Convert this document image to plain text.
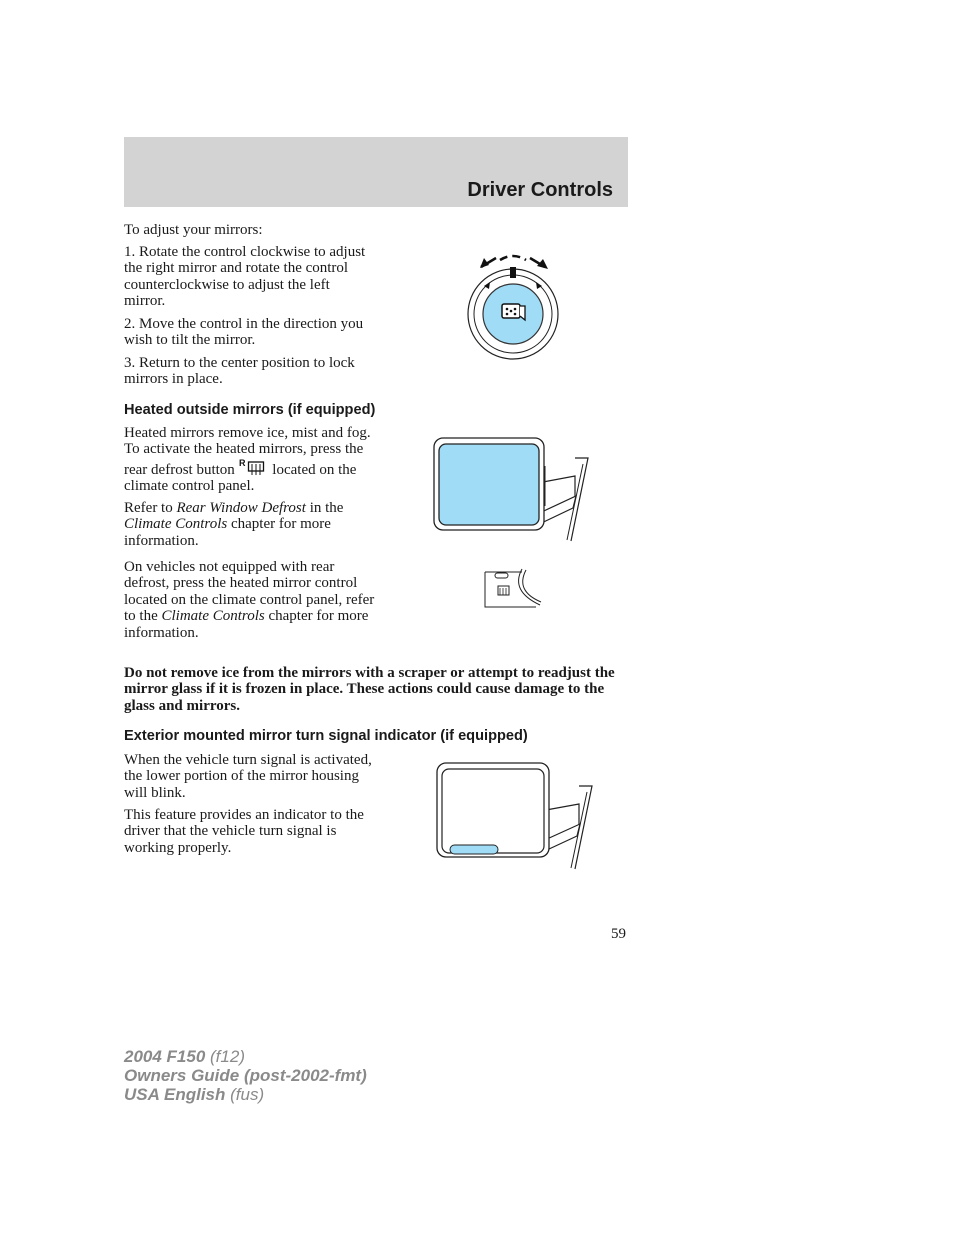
Driver Controls

To adjust your mirrors:

1. Rotate the control clockwise to adjust the right mirror and rotate the control counterclockwise to adjust the left mirror.

2. Move the control in the direction you wish to tilt the mirror.

3. Return to the center position to lock mirrors in place.

Heated outside mirrors (if equipped)

Heated mirrors remove ice, mist and fog. To activate the heated mirrors, press the rear defrost button R located on the climate control panel.

Refer to Rear Window Defrost in the Climate Controls chapter for more information.

On vehicles not equipped with rear defrost, press the heated mirror control located on the climate control panel, refer to the Climate Controls chapter for more information.

Do not remove ice from the mirrors with a scraper or attempt to readjust the mirror glass if it is frozen in place. These actions could cause damage to the glass and mirrors.

Exterior mounted mirror turn signal indicator (if equipped)

When the vehicle turn signal is activated, the lower portion of the mirror housing will blink.

This feature provides an indicator to the driver that the vehicle turn signal is working properly.

59
2004 F150 (f12)
Owners Guide (post-2002-fmt)
USA English (fus)
